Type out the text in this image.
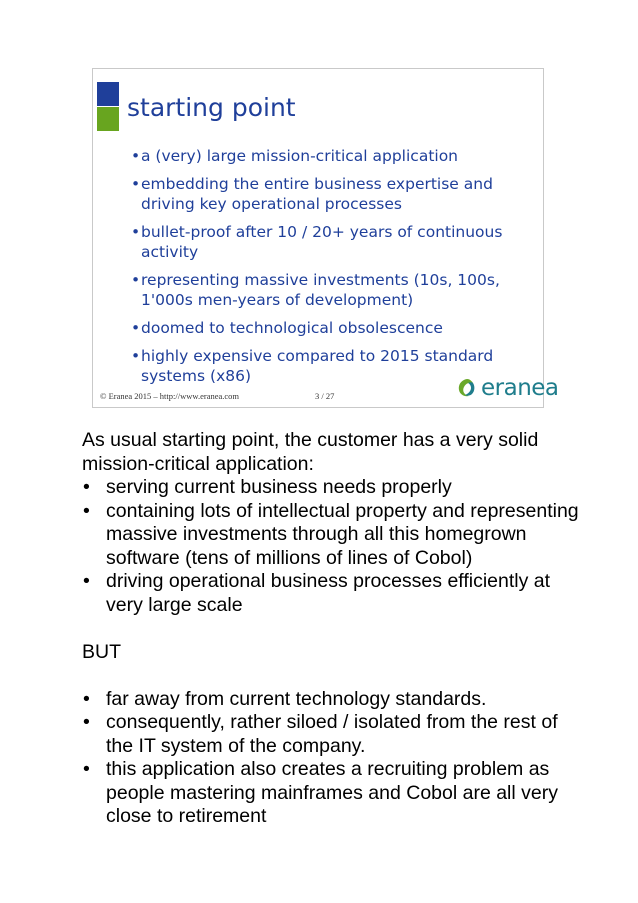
starting point
• a (very) large mission-critical application
• embedding the entire business expertise and driving key operational processes
• bullet-proof after 10 / 20+ years of continuous activity
• representing massive investments (10s, 100s, 1'000s men-years of development)
• doomed to technological obsolescence
• highly expensive compared to 2015 standard systems (x86)
© Eranea 2015 – http://www.eranea.com	3 / 27	eranea

As usual starting point, the customer has a very solid mission-critical application:

• serving current business needs properly
• containing lots of intellectual property and representing massive investments through all this homegrown software (tens of millions of lines of Cobol)
• driving operational business processes efficiently at very large scale

BUT

• far away from current technology standards.
• consequently, rather siloed / isolated from the rest of the IT system of the company.
• this application also creates a recruiting problem as people mastering mainframes and Cobol are all very close to retirement
